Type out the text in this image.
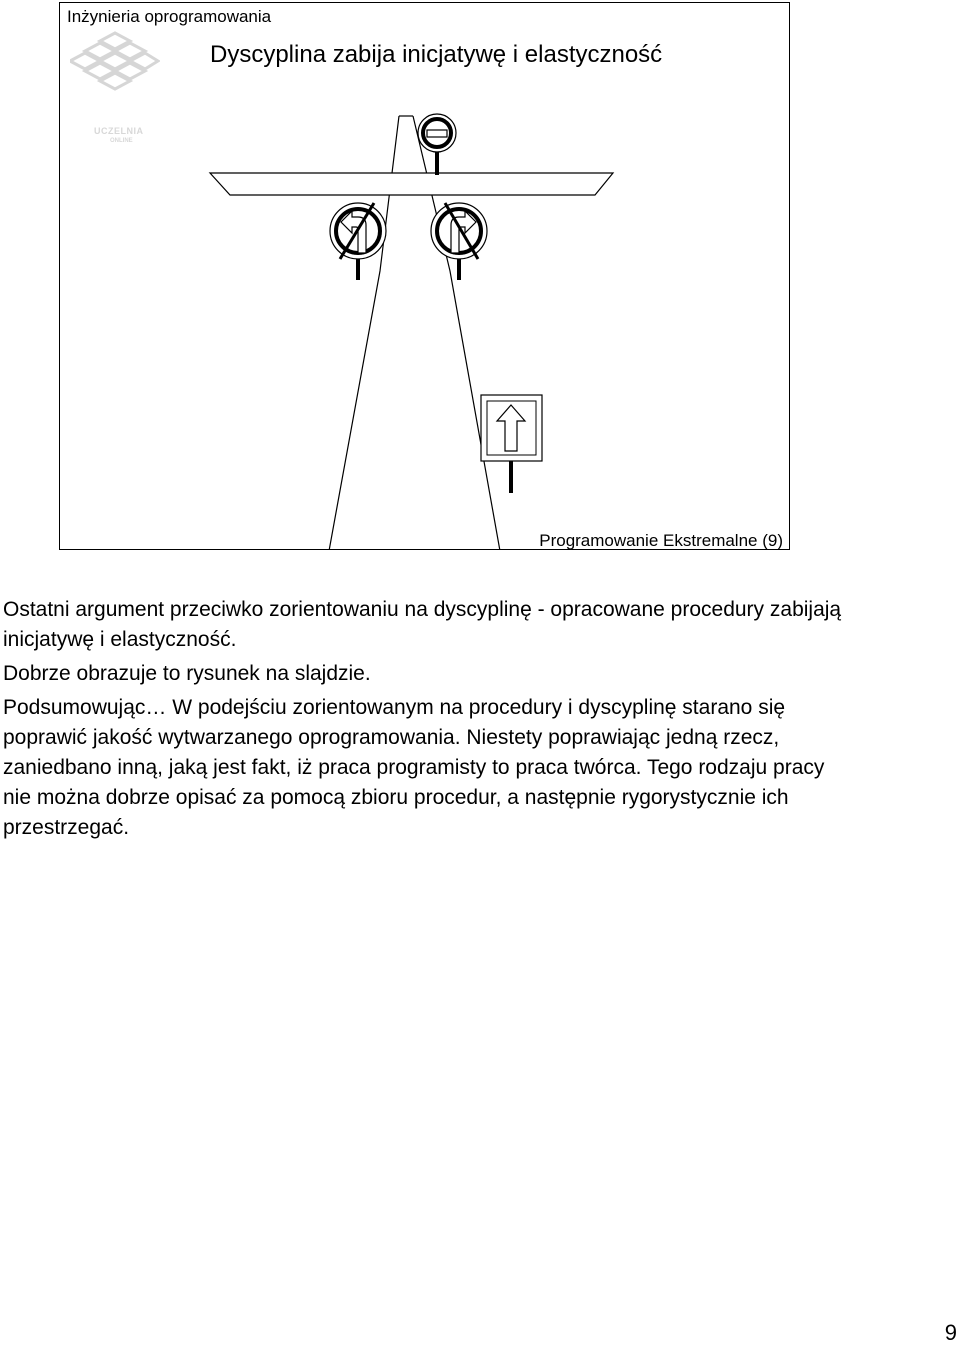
UCZELNIA
ONLINE
Inżynieria oprogramowania
Dyscyplina zabija inicjatywę i elastyczność
Programowanie Ekstremalne (9)

Ostatni argument przeciwko zorientowaniu na dyscyplinę - opracowane procedury zabijają inicjatywę i elastyczność.

Dobrze obrazuje to rysunek na slajdzie.

Podsumowując… W podejściu zorientowanym na procedury i dyscyplinę starano się poprawić jakość wytwarzanego oprogramowania. Niestety poprawiając jedną rzecz, zaniedbano inną, jaką jest fakt, iż praca programisty to praca twórca. Tego rodzaju pracy nie można dobrze opisać za pomocą zbioru procedur, a następnie rygorystycznie ich przestrzegać.

9
